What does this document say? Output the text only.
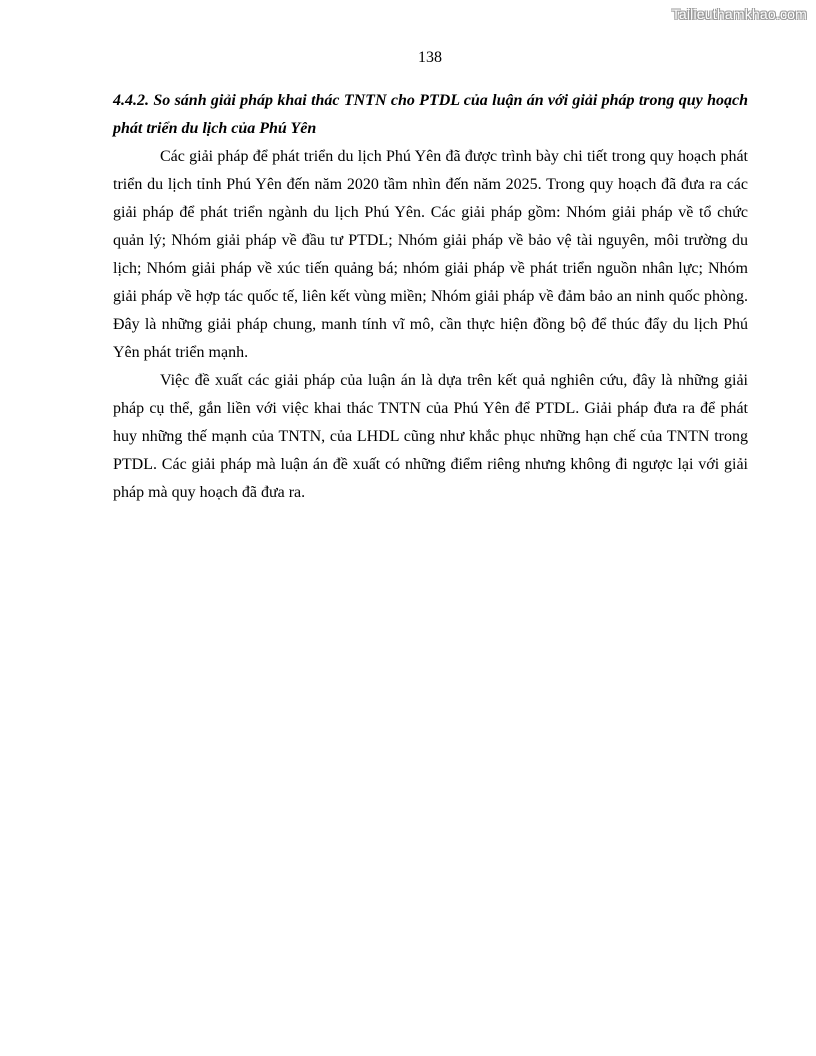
Tailieuthamkhao.com
138

4.4.2. So sánh giải pháp khai thác TNTN cho PTDL của luận án với giải pháp trong quy hoạch phát triển du lịch của Phú Yên

Các giải pháp để phát triển du lịch Phú Yên đã được trình bày chi tiết trong quy hoạch phát triển du lịch tỉnh Phú Yên đến năm 2020 tầm nhìn đến năm 2025. Trong quy hoạch đã đưa ra các giải pháp để phát triển ngành du lịch Phú Yên. Các giải pháp gồm: Nhóm giải pháp về tổ chức quản lý; Nhóm giải pháp về đầu tư PTDL; Nhóm giải pháp về bảo vệ tài nguyên, môi trường du lịch; Nhóm giải pháp về xúc tiến quảng bá; nhóm giải pháp về phát triển nguồn nhân lực; Nhóm giải pháp về hợp tác quốc tế, liên kết vùng miền; Nhóm giải pháp về đảm bảo an ninh quốc phòng. Đây là những giải pháp chung, manh tính vĩ mô, cần thực hiện đồng bộ để thúc đẩy du lịch Phú Yên phát triển mạnh.

Việc đề xuất các giải pháp của luận án là dựa trên kết quả nghiên cứu, đây là những giải pháp cụ thể, gắn liền với việc khai thác TNTN của Phú Yên để PTDL. Giải pháp đưa ra để phát huy những thế mạnh của TNTN, của LHDL cũng như khắc phục những hạn chế của TNTN trong PTDL. Các giải pháp mà luận án đề xuất có những điểm riêng nhưng không đi ngược lại với giải pháp mà quy hoạch đã đưa ra.
